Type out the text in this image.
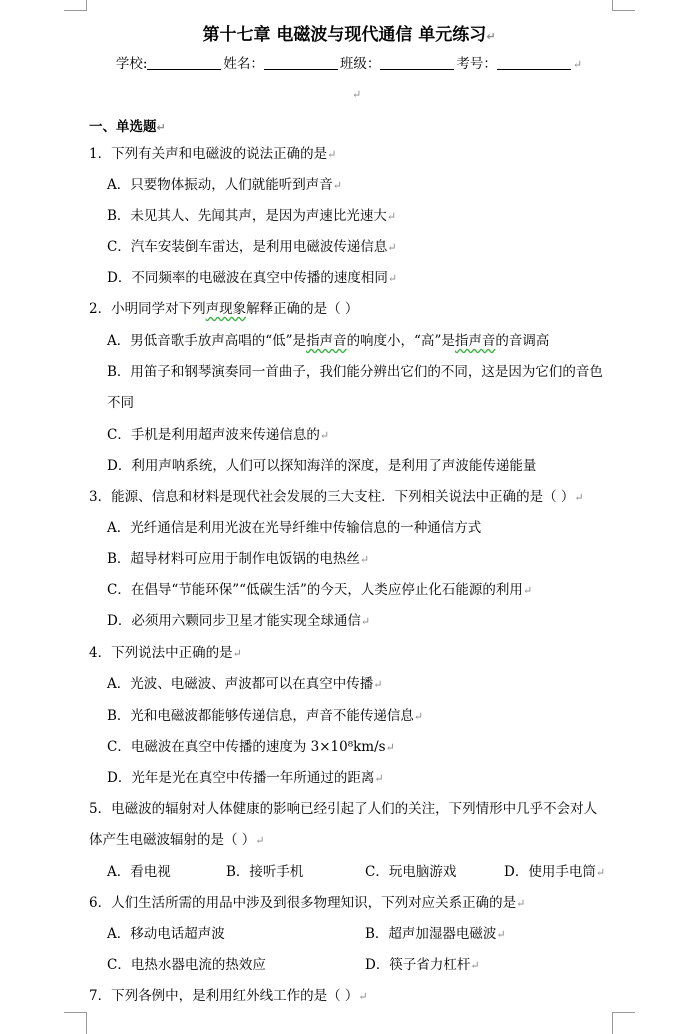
第十七章 电磁波与现代通信 单元练习↵
学校:	姓名：	班级：	考号：	↵
↵
一、单选题↵
1．下列有关声和电磁波的说法正确的是↵
A．只要物体振动，人们就能听到声音↵
B．未见其人、先闻其声，是因为声速比光速大↵
C．汽车安装倒车雷达，是利用电磁波传递信息↵
D．不同频率的电磁波在真空中传播的速度相同↵
2．小明同学对下列声现象解释正确的是（ ）
A．男低音歌手放声高唱的“低”是指声音的响度小，“高”是指声音的音调高
B．用笛子和钢琴演奏同一首曲子，我们能分辨出它们的不同，这是因为它们的音色
不同
C．手机是利用超声波来传递信息的↵
D．利用声呐系统，人们可以探知海洋的深度，是利用了声波能传递能量
3．能源、信息和材料是现代社会发展的三大支柱．下列相关说法中正确的是（ ）↵
A．光纤通信是利用光波在光导纤维中传输信息的一种通信方式
B．超导材料可应用于制作电饭锅的电热丝↵
C．在倡导“节能环保”“低碳生活”的今天，人类应停止化石能源的利用↵
D．必须用六颗同步卫星才能实现全球通信↵
4．下列说法中正确的是↵
A．光波、电磁波、声波都可以在真空中传播↵
B．光和电磁波都能够传递信息，声音不能传递信息↵
C．电磁波在真空中传播的速度为 3×10⁸km/s↵
D．光年是光在真空中传播一年所通过的距离↵
5．电磁波的辐射对人体健康的影响已经引起了人们的关注，下列情形中几乎不会对人
体产生电磁波辐射的是（ ）↵
A．看电视	B．接听手机	C．玩电脑游戏	D．使用手电筒↵
6．人们生活所需的用品中涉及到很多物理知识，下列对应关系正确的是↵
A．移动电话超声波	B．超声加湿器电磁波↵
C．电热水器电流的热效应	D．筷子省力杠杆↵
7．下列各例中，是利用红外线工作的是（ ）↵
